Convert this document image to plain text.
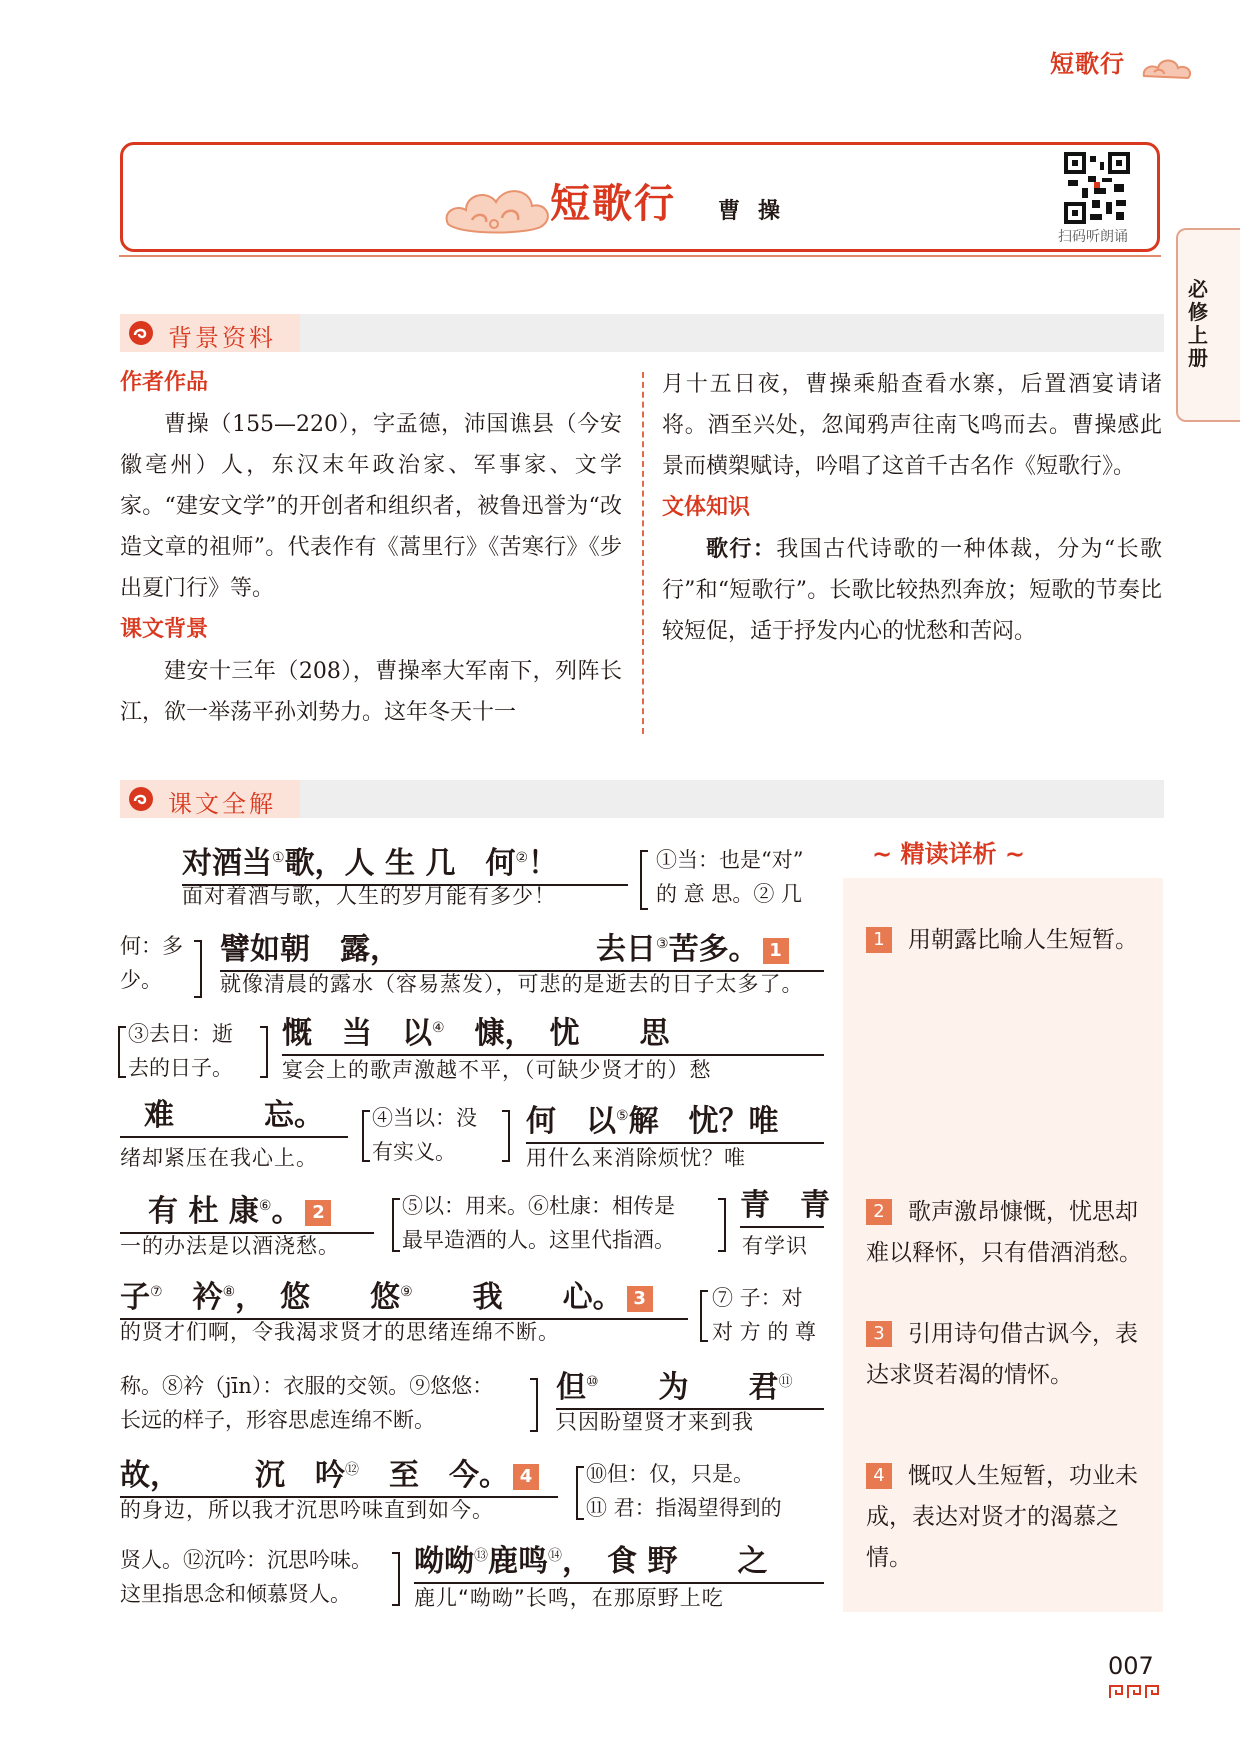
短歌行
短歌行 曹操
扫码听朗诵
必修上册
背景资料
作者作品
曹操（155—220），字孟德，沛国谯县（今安徽亳州）人，东汉末年政治家、军事家、文学家。“建安文学”的开创者和组织者，被鲁迅誉为“改造文章的祖师”。代表作有《蒿里行》《苦寒行》《步出夏门行》等。
课文背景
建安十三年（208），曹操率大军南下，列阵长江，欲一举荡平孙刘势力。这年冬天十一
月十五日夜，曹操乘船查看水寨，后置酒宴请诸将。酒至兴处，忽闻鸦声往南飞鸣而去。曹操感此景而横槊赋诗，吟唱了这首千古名作《短歌行》。
文体知识
歌行：我国古代诗歌的一种体裁，分为“长歌行”和“短歌行”。长歌比较热烈奔放；短歌的节奏比较短促，适于抒发内心的忧愁和苦闷。
课文全解
∼ 精读详析 ∼
1 用朝露比喻人生短暂。
2 歌声激昂慷慨，忧思却难以释怀，只有借酒消愁。
3 引用诗句借古讽今，表达求贤若渴的情怀。
4 慨叹人生短暂，功业未成，表达对贤才的渴慕之情。
对酒当①歌，人 生 几　何②！
面对着酒与歌，人生的岁月能有多少！
①当：也是“对”
的 意 思。② 几
何：多
少。
譬如朝　露，	去日③苦多。 1
就像清晨的露水（容易蒸发），可悲的是逝去的日子太多了。
③去日：逝
去的日子。
慨　当　以④　慷，　忧　　思
宴会上的歌声激越不平，（可缺少贤才的）愁
难　　　忘。
绪却紧压在我心上。
④当以：没
有实义。
何　以⑤解　忧？唯
用什么来消除烦忧？唯
有 杜 康⑥。 2
一的办法是以酒浇愁。
⑤以：用来。⑥杜康：相传是
最早造酒的人。这里代指酒。
青　青
有学识
子⑦　衿⑧，　悠　　悠⑨　　我　　心。 3
的贤才们啊，令我渴求贤才的思绪连绵不断。
⑦ 子：对
对 方 的 尊
称。⑧衿（jīn）：衣服的交领。⑨悠悠：
长远的样子，形容思虑连绵不断。
但⑩　　为　　君⑪
只因盼望贤才来到我
故，　　　沉　吟⑫　至　今。 4
的身边，所以我才沉思吟味直到如今。
⑩但：仅，只是。
⑪ 君：指渴望得到的
贤人。⑫沉吟：沉思吟味。
这里指思念和倾慕贤人。
呦呦⑬鹿鸣⑭，　食 野　　之
鹿儿“呦呦”长鸣，在那原野上吃
007
